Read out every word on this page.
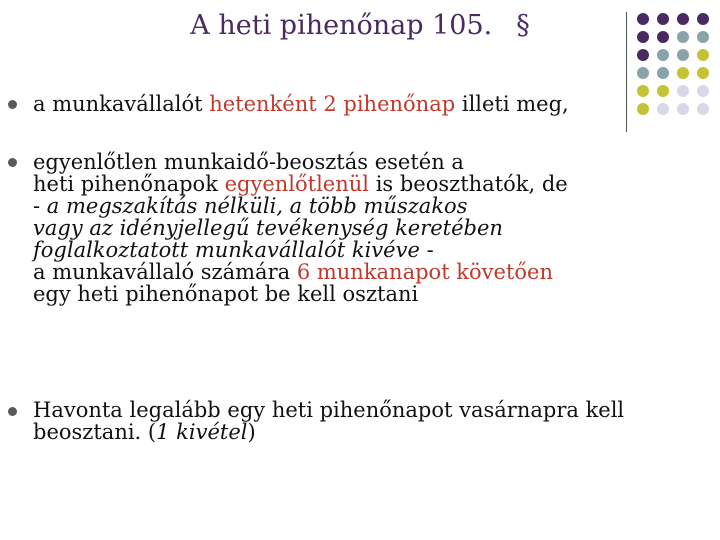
A heti pihenőnap 105. §

a munkavállalót hetenként 2 pihenőnap illeti meg,

egyenlőtlen munkaidő-beosztás esetén a
heti pihenőnapok egyenlőtlenül is beoszthatók, de
- a megszakítás nélküli, a több műszakos
vagy az idényjellegű tevékenység keretében
foglalkoztatott munkavállalót kivéve -
a munkavállaló számára 6 munkanapot követően
egy heti pihenőnapot be kell osztani

Havonta legalább egy heti pihenőnapot vasárnapra kell
beosztani. (1 kivétel)
